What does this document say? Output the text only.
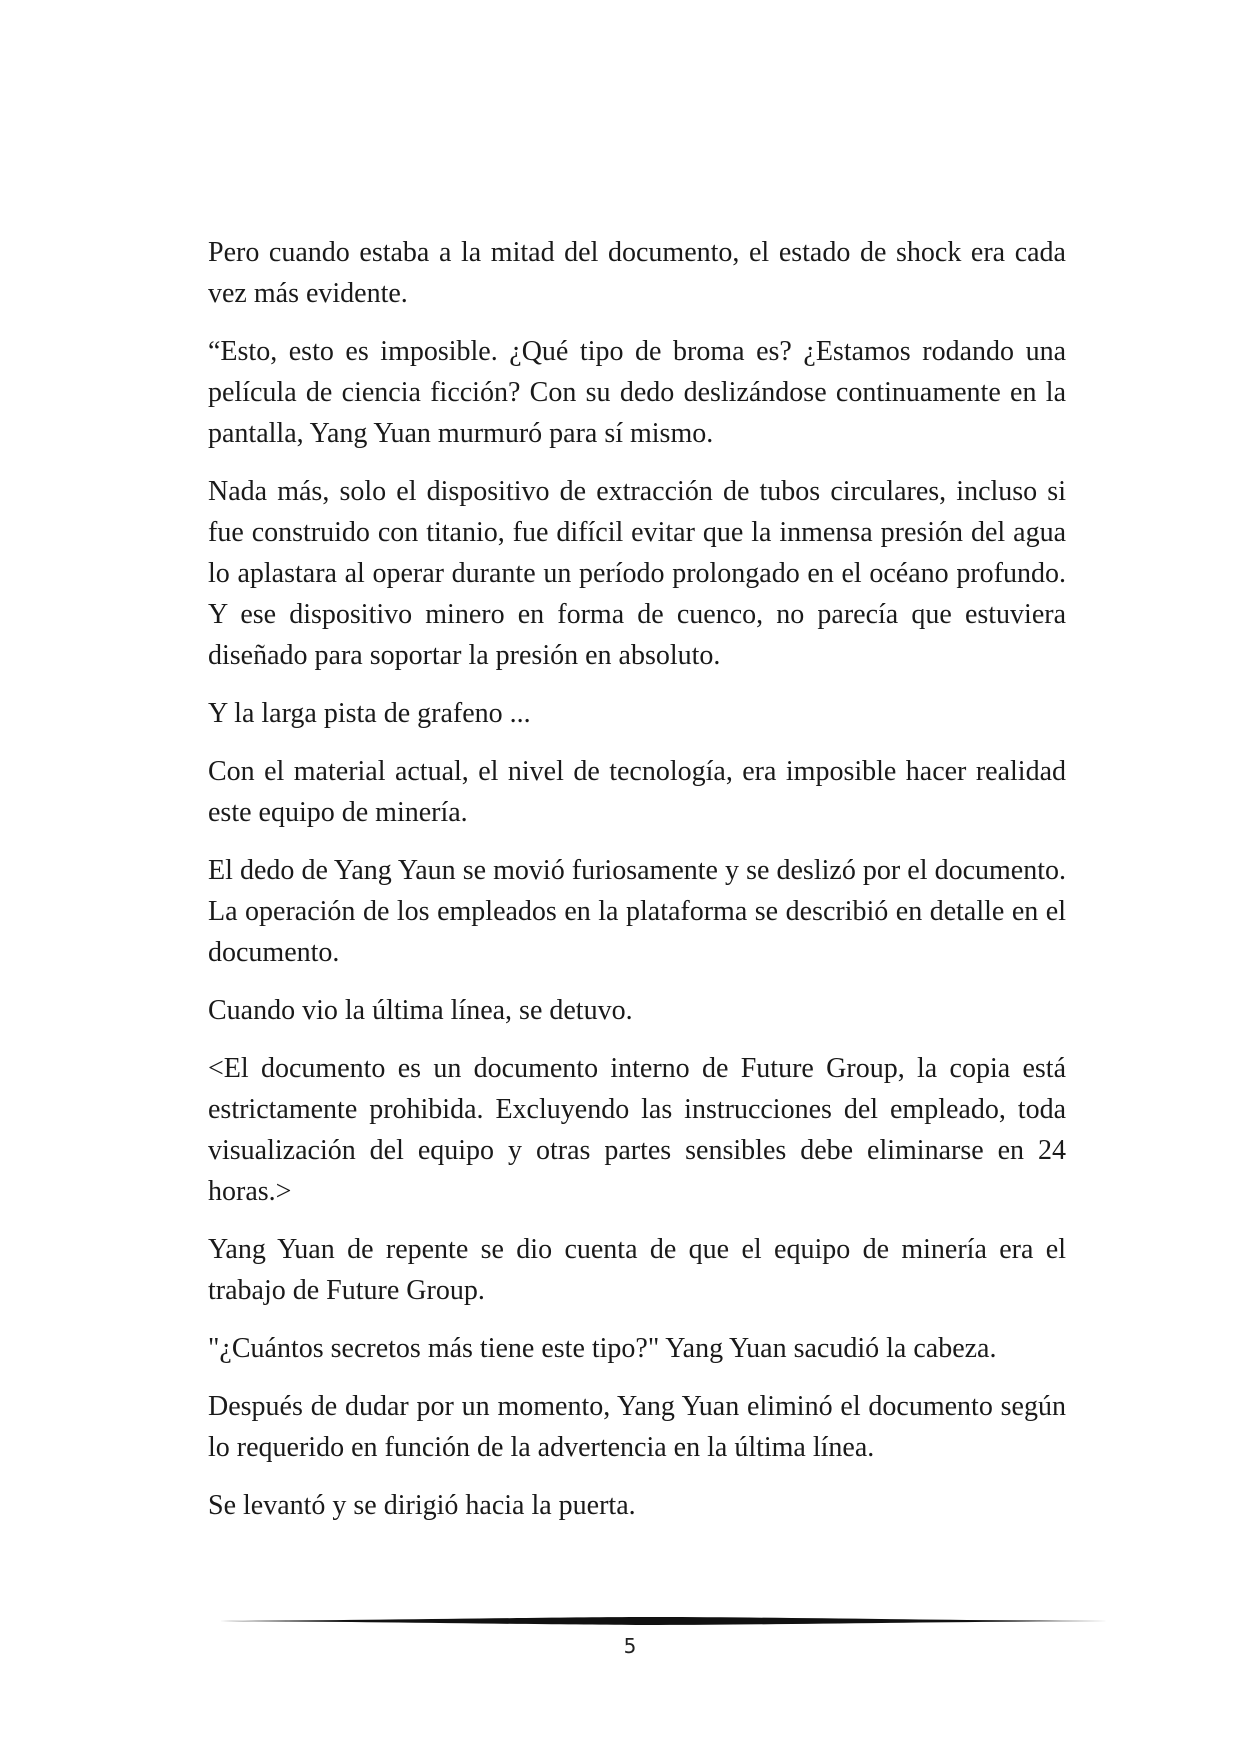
Pero cuando estaba a la mitad del documento, el estado de shock era cada vez más evidente.

“Esto, esto es imposible. ¿Qué tipo de broma es? ¿Estamos rodando una película de ciencia ficción? Con su dedo deslizándose continuamente en la pantalla, Yang Yuan murmuró para sí mismo.

Nada más, solo el dispositivo de extracción de tubos circulares, incluso si fue construido con titanio, fue difícil evitar que la inmensa presión del agua lo aplastara al operar durante un período prolongado en el océano profundo. Y ese dispositivo minero en forma de cuenco, no parecía que estuviera diseñado para soportar la presión en absoluto.

Y la larga pista de grafeno ...

Con el material actual, el nivel de tecnología, era imposible hacer realidad este equipo de minería.

El dedo de Yang Yaun se movió furiosamente y se deslizó por el documento. La operación de los empleados en la plataforma se describió en detalle en el documento.

Cuando vio la última línea, se detuvo.

<El documento es un documento interno de Future Group, la copia está estrictamente prohibida. Excluyendo las instrucciones del empleado, toda visualización del equipo y otras partes sensibles debe eliminarse en 24 horas.>

Yang Yuan de repente se dio cuenta de que el equipo de minería era el trabajo de Future Group.

"¿Cuántos secretos más tiene este tipo?" Yang Yuan sacudió la cabeza.

Después de dudar por un momento, Yang Yuan eliminó el documento según lo requerido en función de la advertencia en la última línea.

Se levantó y se dirigió hacia la puerta.

5
